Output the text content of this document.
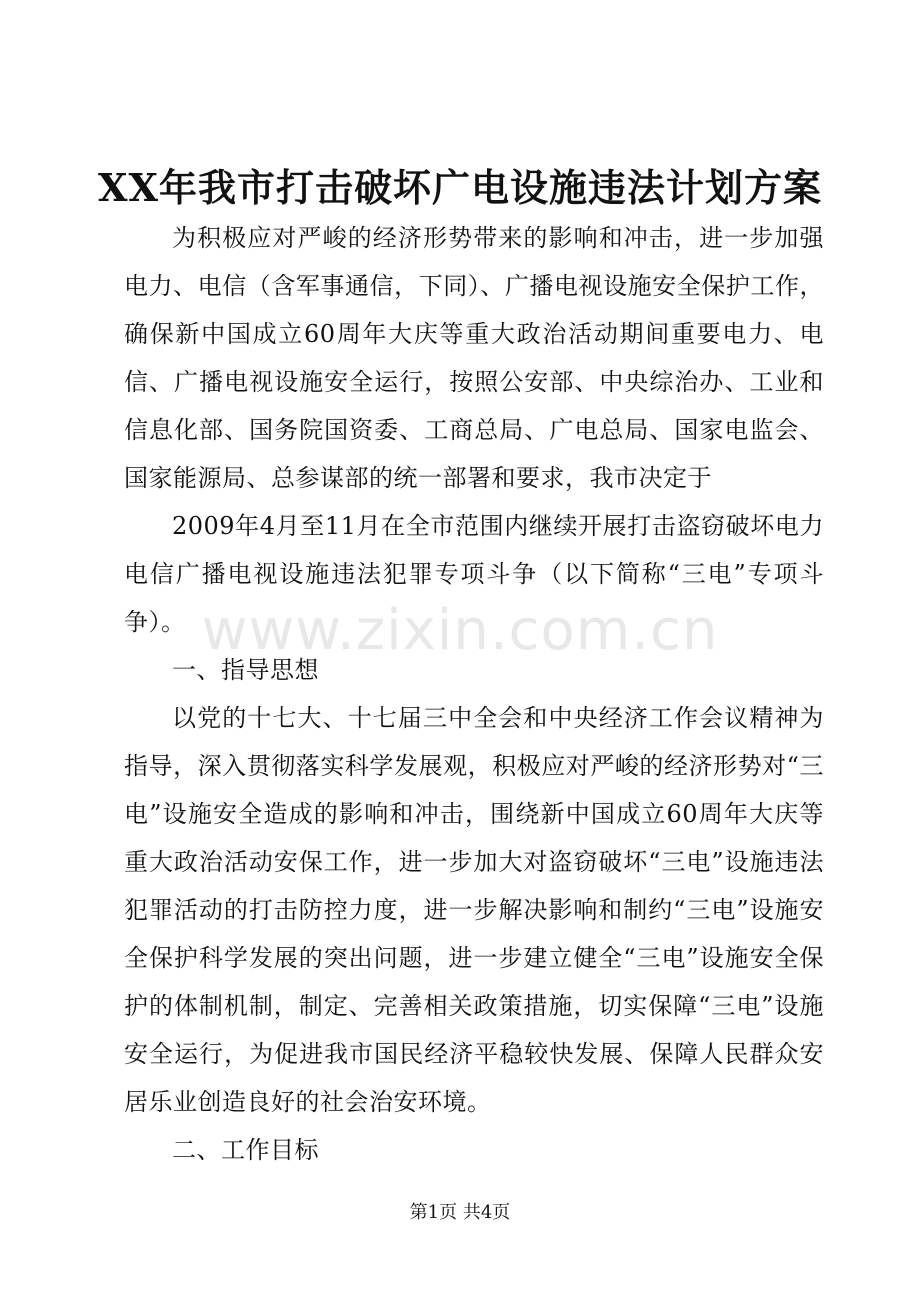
XX年我市打击破坏广电设施违法计划方案

为积极应对严峻的经济形势带来的影响和冲击，进一步加强电力、电信（含军事通信，下同）、广播电视设施安全保护工作，确保新中国成立60周年大庆等重大政治活动期间重要电力、电信、广播电视设施安全运行，按照公安部、中央综治办、工业和信息化部、国务院国资委、工商总局、广电总局、国家电监会、国家能源局、总参谋部的统一部署和要求，我市决定于

2009年4月至11月在全市范围内继续开展打击盗窃破坏电力电信广播电视设施违法犯罪专项斗争（以下简称“三电”专项斗争）。

一、指导思想

以党的十七大、十七届三中全会和中央经济工作会议精神为指导，深入贯彻落实科学发展观，积极应对严峻的经济形势对“三电”设施安全造成的影响和冲击，围绕新中国成立60周年大庆等重大政治活动安保工作，进一步加大对盗窃破坏“三电”设施违法犯罪活动的打击防控力度，进一步解决影响和制约“三电”设施安全保护科学发展的突出问题，进一步建立健全“三电”设施安全保护的体制机制，制定、完善相关政策措施，切实保障“三电”设施安全运行，为促进我市国民经济平稳较快发展、保障人民群众安居乐业创造良好的社会治安环境。

二、工作目标

www.zixin.com.cn
第1页 共4页
